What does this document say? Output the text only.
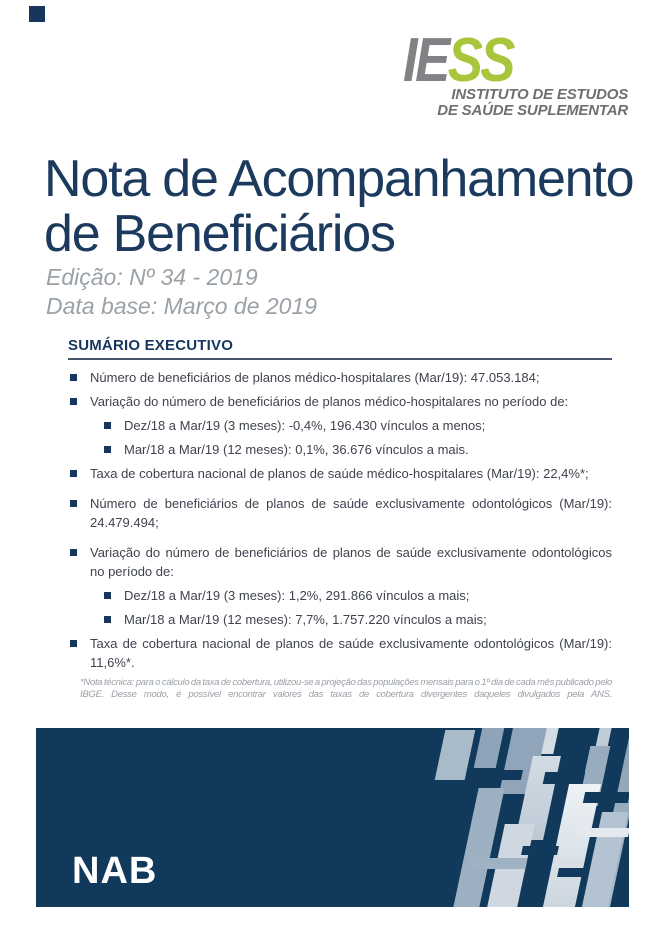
IESS
INSTITUTO DE ESTUDOS
DE SAÚDE SUPLEMENTAR
Nota de Acompanhamento
de Beneficiários
Edição: Nº 34 - 2019
Data base: Março de 2019
SUMÁRIO EXECUTIVO
Número de beneficiários de planos médico-hospitalares (Mar/19): 47.053.184;
Variação do número de beneficiários de planos médico-hospitalares no período de:
Dez/18 a Mar/19 (3 meses): -0,4%, 196.430 vínculos a menos;
Mar/18 a Mar/19 (12 meses): 0,1%, 36.676 vínculos a mais.
Taxa de cobertura nacional de planos de saúde médico-hospitalares (Mar/19): 22,4%*;
Número de beneficiários de planos de saúde exclusivamente odontológicos (Mar/19): 24.479.494;
Variação do número de beneficiários de planos de saúde exclusivamente odontológicos no período de:
Dez/18 a Mar/19 (3 meses): 1,2%, 291.866 vínculos a mais;
Mar/18 a Mar/19 (12 meses): 7,7%, 1.757.220 vínculos a mais;
Taxa de cobertura nacional de planos de saúde exclusivamente odontológicos (Mar/19): 11,6%*.
*Nota técnica: para o cálculo da taxa de cobertura, utilizou-se a projeção das populações mensais para o 1º dia de cada mês publicado pelo IBGE. Desse modo, é possível encontrar valores das taxas de cobertura divergentes daqueles divulgados pela ANS.
NAB
